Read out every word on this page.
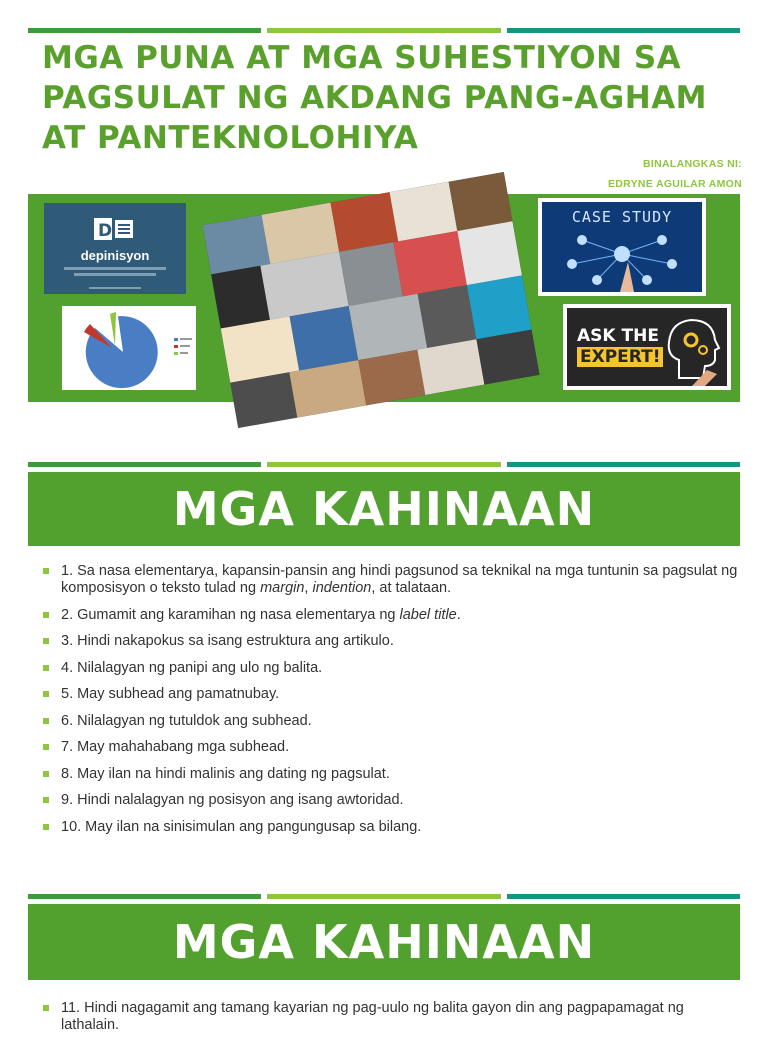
MGA PUNA AT MGA SUHESTIYON SA PAGSULAT NG AKDANG PANG-AGHAM AT PANTEKNOLOHIYA
BINALANGKAS NI:
EDRYNE AGUILAR AMON
D
depinisyon
CASE STUDY
ASK THE
EXPERT!
MGA KAHINAAN
1. Sa nasa elementarya, kapansin-pansin ang hindi pagsunod sa teknikal na mga tuntunin sa pagsulat ng komposisyon o teksto tulad ng margin, indention, at talataan.
2. Gumamit ang karamihan ng nasa elementarya ng label title.
3. Hindi nakapokus sa isang estruktura ang artikulo.
4. Nilalagyan ng panipi ang ulo ng balita.
5. May subhead ang pamatnubay.
6. Nilalagyan ng tutuldok ang subhead.
7. May mahahabang mga subhead.
8. May ilan na hindi malinis ang dating ng pagsulat.
9. Hindi nalalagyan ng posisyon ang isang awtoridad.
10. May ilan na sinisimulan ang pangungusap sa bilang.
MGA KAHINAAN
11. Hindi nagagamit ang tamang kayarian ng pag-uulo ng balita gayon din ang pagpapamagat ng lathalain.
